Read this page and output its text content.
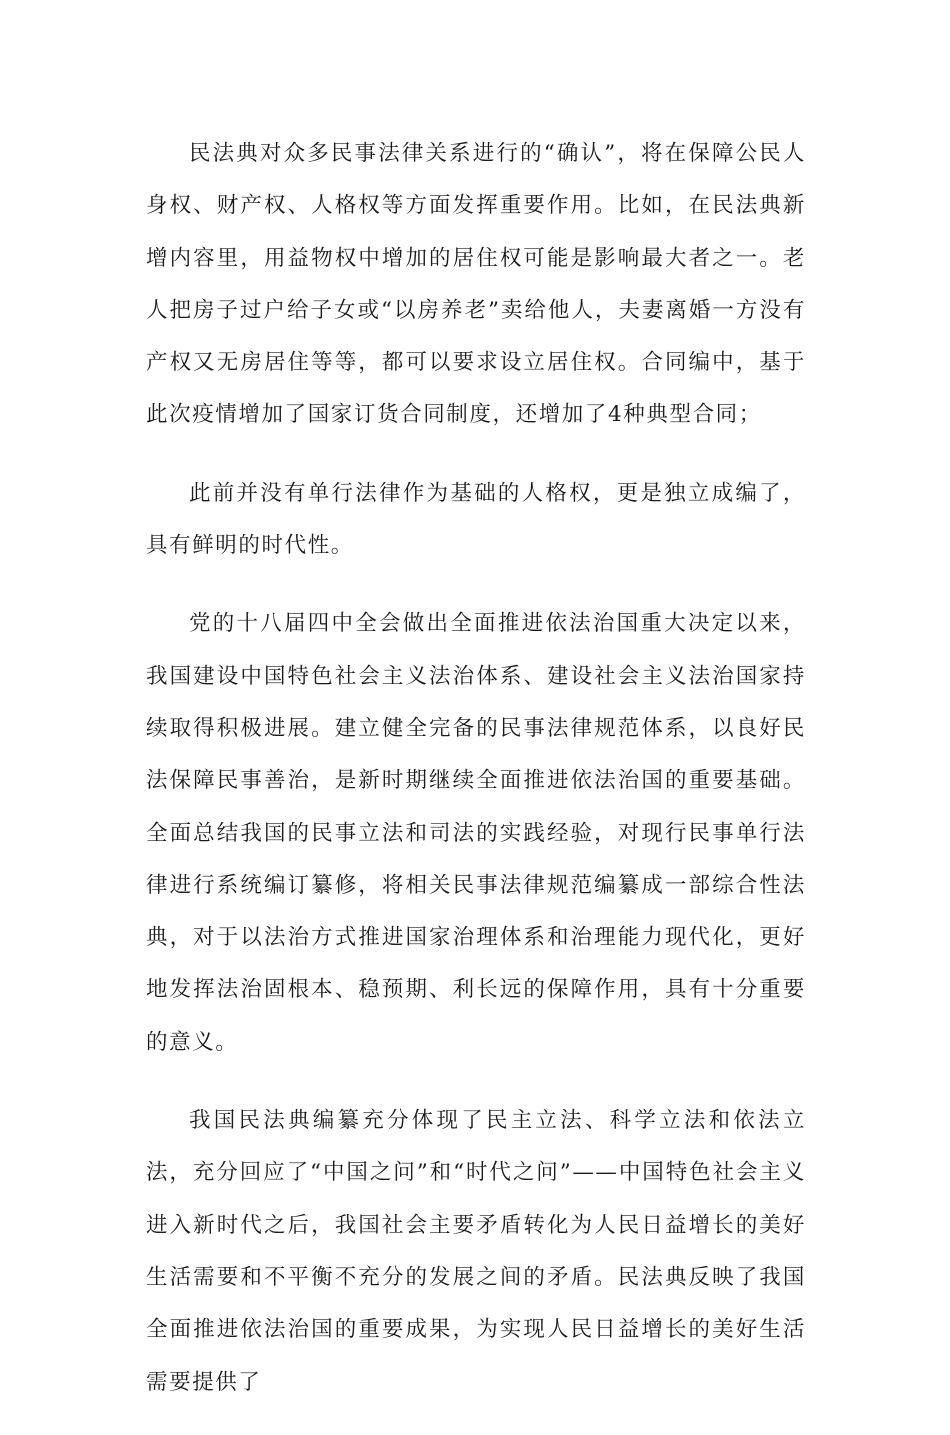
民法典对众多民事法律关系进行的“确认”，将在保障公民人身权、财产权、人格权等方面发挥重要作用。比如，在民法典新增内容里，用益物权中增加的居住权可能是影响最大者之一。老人把房子过户给子女或“以房养老”卖给他人，夫妻离婚一方没有产权又无房居住等等，都可以要求设立居住权。合同编中，基于此次疫情增加了国家订货合同制度，还增加了4种典型合同；

此前并没有单行法律作为基础的人格权，更是独立成编了，具有鲜明的时代性。

党的十八届四中全会做出全面推进依法治国重大决定以来，我国建设中国特色社会主义法治体系、建设社会主义法治国家持续取得积极进展。建立健全完备的民事法律规范体系，以良好民法保障民事善治，是新时期继续全面推进依法治国的重要基础。全面总结我国的民事立法和司法的实践经验，对现行民事单行法律进行系统编订纂修，将相关民事法律规范编纂成一部综合性法典，对于以法治方式推进国家治理体系和治理能力现代化，更好地发挥法治固根本、稳预期、利长远的保障作用，具有十分重要的意义。

我国民法典编纂充分体现了民主立法、科学立法和依法立法，充分回应了“中国之问”和“时代之问”——中国特色社会主义进入新时代之后，我国社会主要矛盾转化为人民日益增长的美好生活需要和不平衡不充分的发展之间的矛盾。民法典反映了我国全面推进依法治国的重要成果，为实现人民日益增长的美好生活需要提供了
